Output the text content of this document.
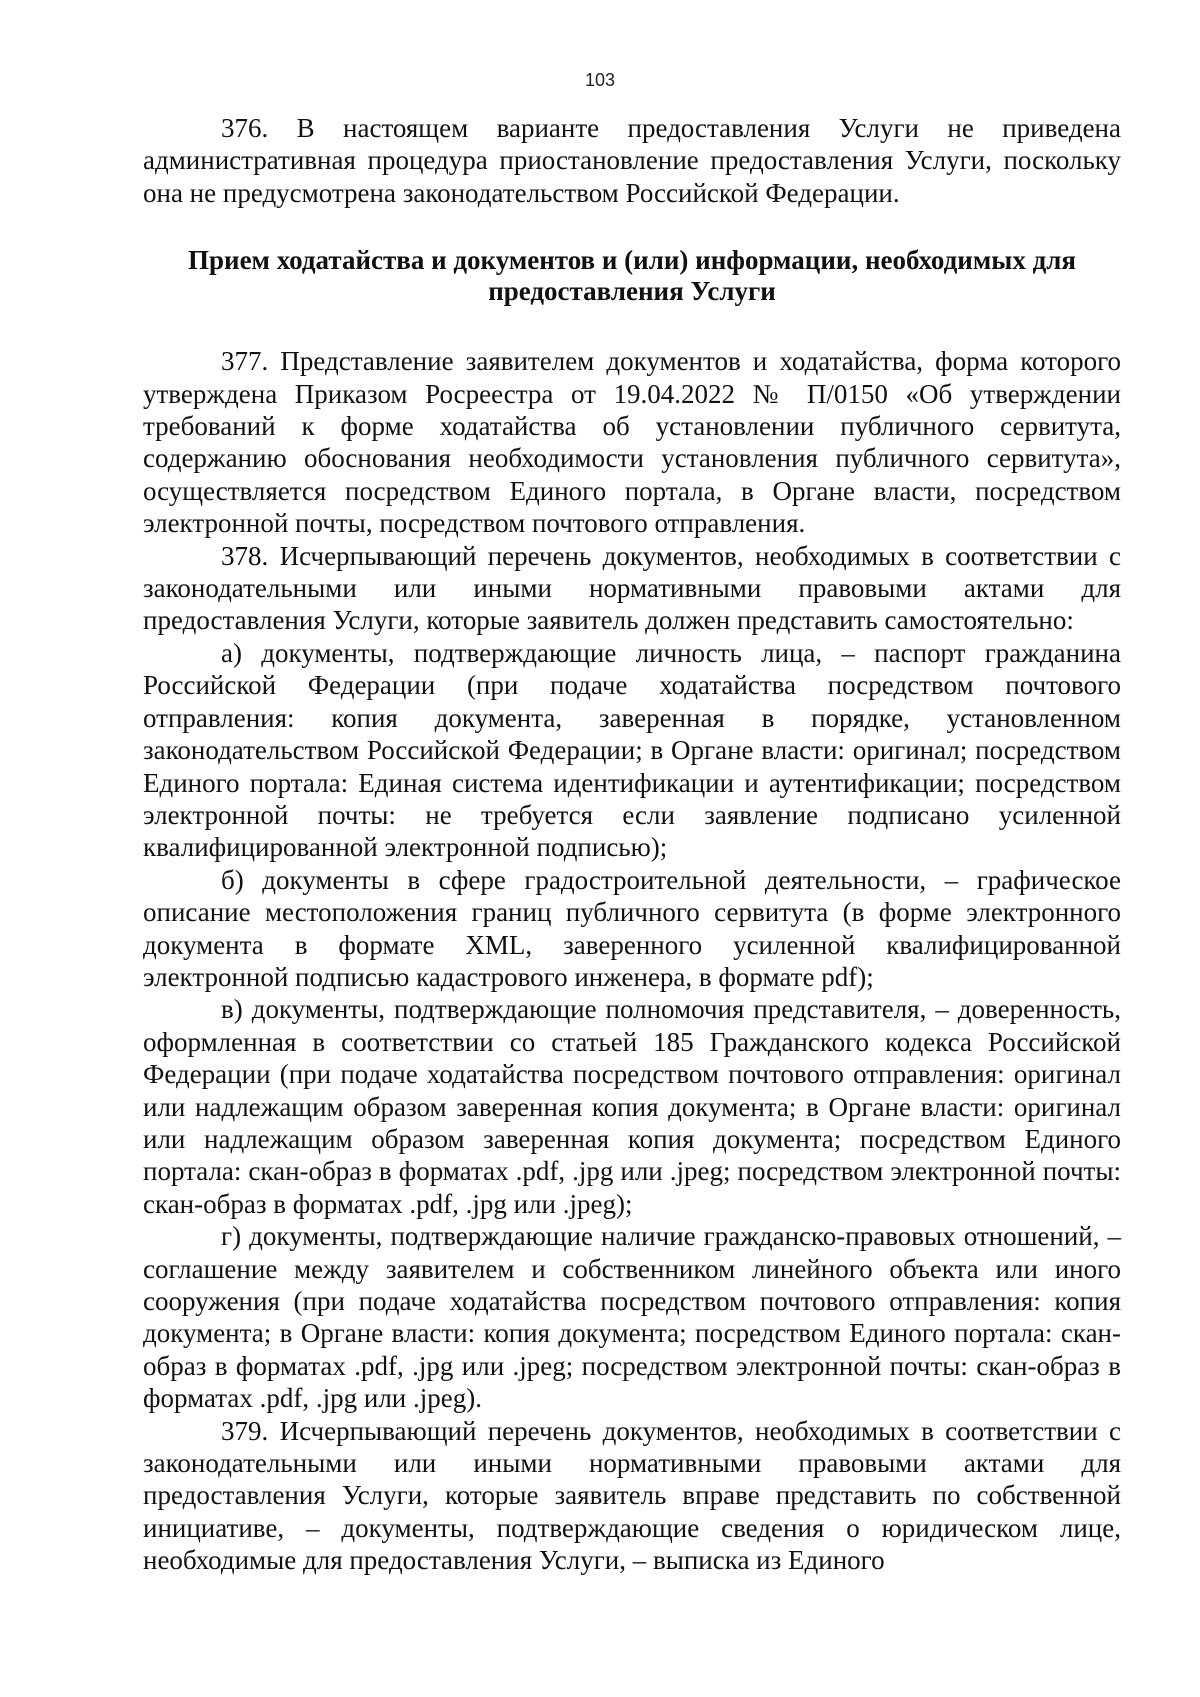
103

376. В настоящем варианте предоставления Услуги не приведена административная процедура приостановление предоставления Услуги, поскольку она не предусмотрена законодательством Российской Федерации.

Прием ходатайства и документов и (или) информации, необходимых для предоставления Услуги

377. Представление заявителем документов и ходатайства, форма которого утверждена Приказом Росреестра от 19.04.2022 № П/0150 «Об утверждении требований к форме ходатайства об установлении публичного сервитута, содержанию обоснования необходимости установления публичного сервитута», осуществляется посредством Единого портала, в Органе власти, посредством электронной почты, посредством почтового отправления.

378. Исчерпывающий перечень документов, необходимых в соответствии с законодательными или иными нормативными правовыми актами для предоставления Услуги, которые заявитель должен представить самостоятельно:

а) документы, подтверждающие личность лица, – паспорт гражданина Российской Федерации (при подаче ходатайства посредством почтового отправления: копия документа, заверенная в порядке, установленном законодательством Российской Федерации; в Органе власти: оригинал; посредством Единого портала: Единая система идентификации и аутентификации; посредством электронной почты: не требуется если заявление подписано усиленной квалифицированной электронной подписью);

б) документы в сфере градостроительной деятельности, – графическое описание местоположения границ публичного сервитута (в форме электронного документа в формате XML, заверенного усиленной квалифицированной электронной подписью кадастрового инженера, в формате pdf);

в) документы, подтверждающие полномочия представителя, – доверенность, оформленная в соответствии со статьей 185 Гражданского кодекса Российской Федерации (при подаче ходатайства посредством почтового отправления: оригинал или надлежащим образом заверенная копия документа; в Органе власти: оригинал или надлежащим образом заверенная копия документа; посредством Единого портала: скан-образ в форматах .pdf, .jpg или .jpeg; посредством электронной почты: скан-образ в форматах .pdf, .jpg или .jpeg);

г) документы, подтверждающие наличие гражданско-правовых отношений, – соглашение между заявителем и собственником линейного объекта или иного сооружения (при подаче ходатайства посредством почтового отправления: копия документа; в Органе власти: копия документа; посредством Единого портала: скан-образ в форматах .pdf, .jpg или .jpeg; посредством электронной почты: скан-образ в форматах .pdf, .jpg или .jpeg).

379. Исчерпывающий перечень документов, необходимых в соответствии с законодательными или иными нормативными правовыми актами для предоставления Услуги, которые заявитель вправе представить по собственной инициативе, – документы, подтверждающие сведения о юридическом лице, необходимые для предоставления Услуги, – выписка из Единого
